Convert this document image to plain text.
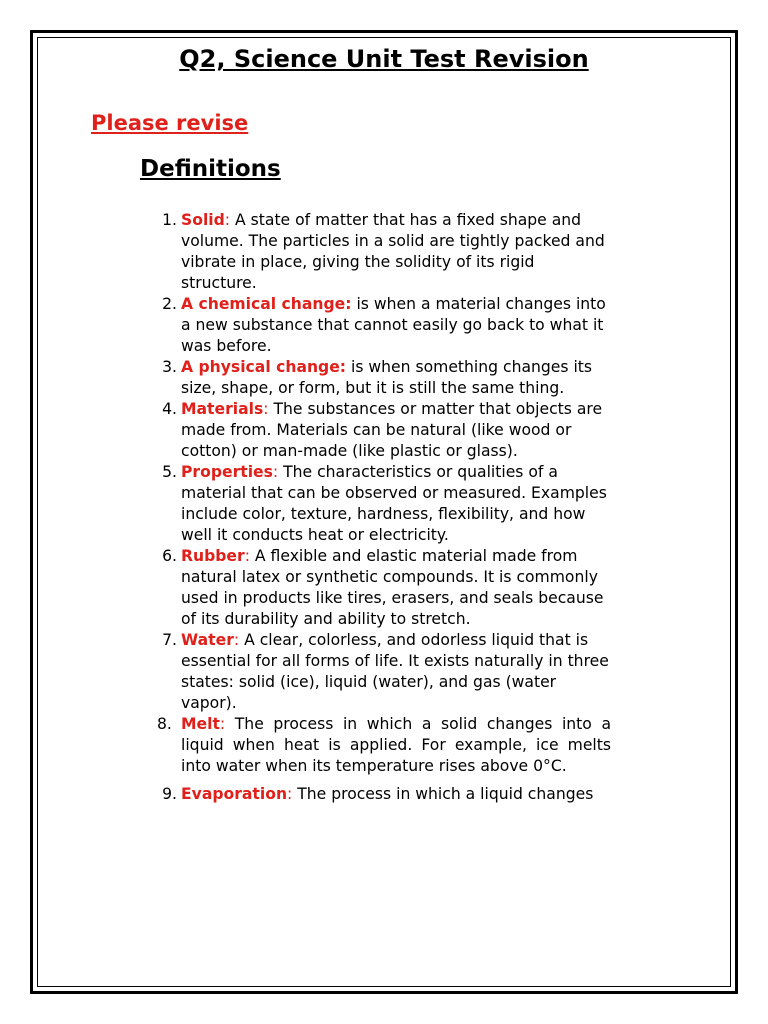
Q2, Science Unit Test Revision
Please revise
Definitions
1. Solid: A state of matter that has a fixed shape and volume. The particles in a solid are tightly packed and vibrate in place, giving the solidity of its rigid structure.
2. A chemical change: is when a material changes into a new substance that cannot easily go back to what it was before.
3. A physical change: is when something changes its size, shape, or form, but it is still the same thing.
4. Materials: The substances or matter that objects are made from. Materials can be natural (like wood or cotton) or man-made (like plastic or glass).
5. Properties: The characteristics or qualities of a material that can be observed or measured. Examples include color, texture, hardness, flexibility, and how well it conducts heat or electricity.
6. Rubber: A flexible and elastic material made from natural latex or synthetic compounds. It is commonly used in products like tires, erasers, and seals because of its durability and ability to stretch.
7. Water: A clear, colorless, and odorless liquid that is essential for all forms of life. It exists naturally in three states: solid (ice), liquid (water), and gas (water vapor).
8. Melt: The process in which a solid changes into a liquid when heat is applied. For example, ice melts into water when its temperature rises above 0°C.
9. Evaporation: The process in which a liquid changes
